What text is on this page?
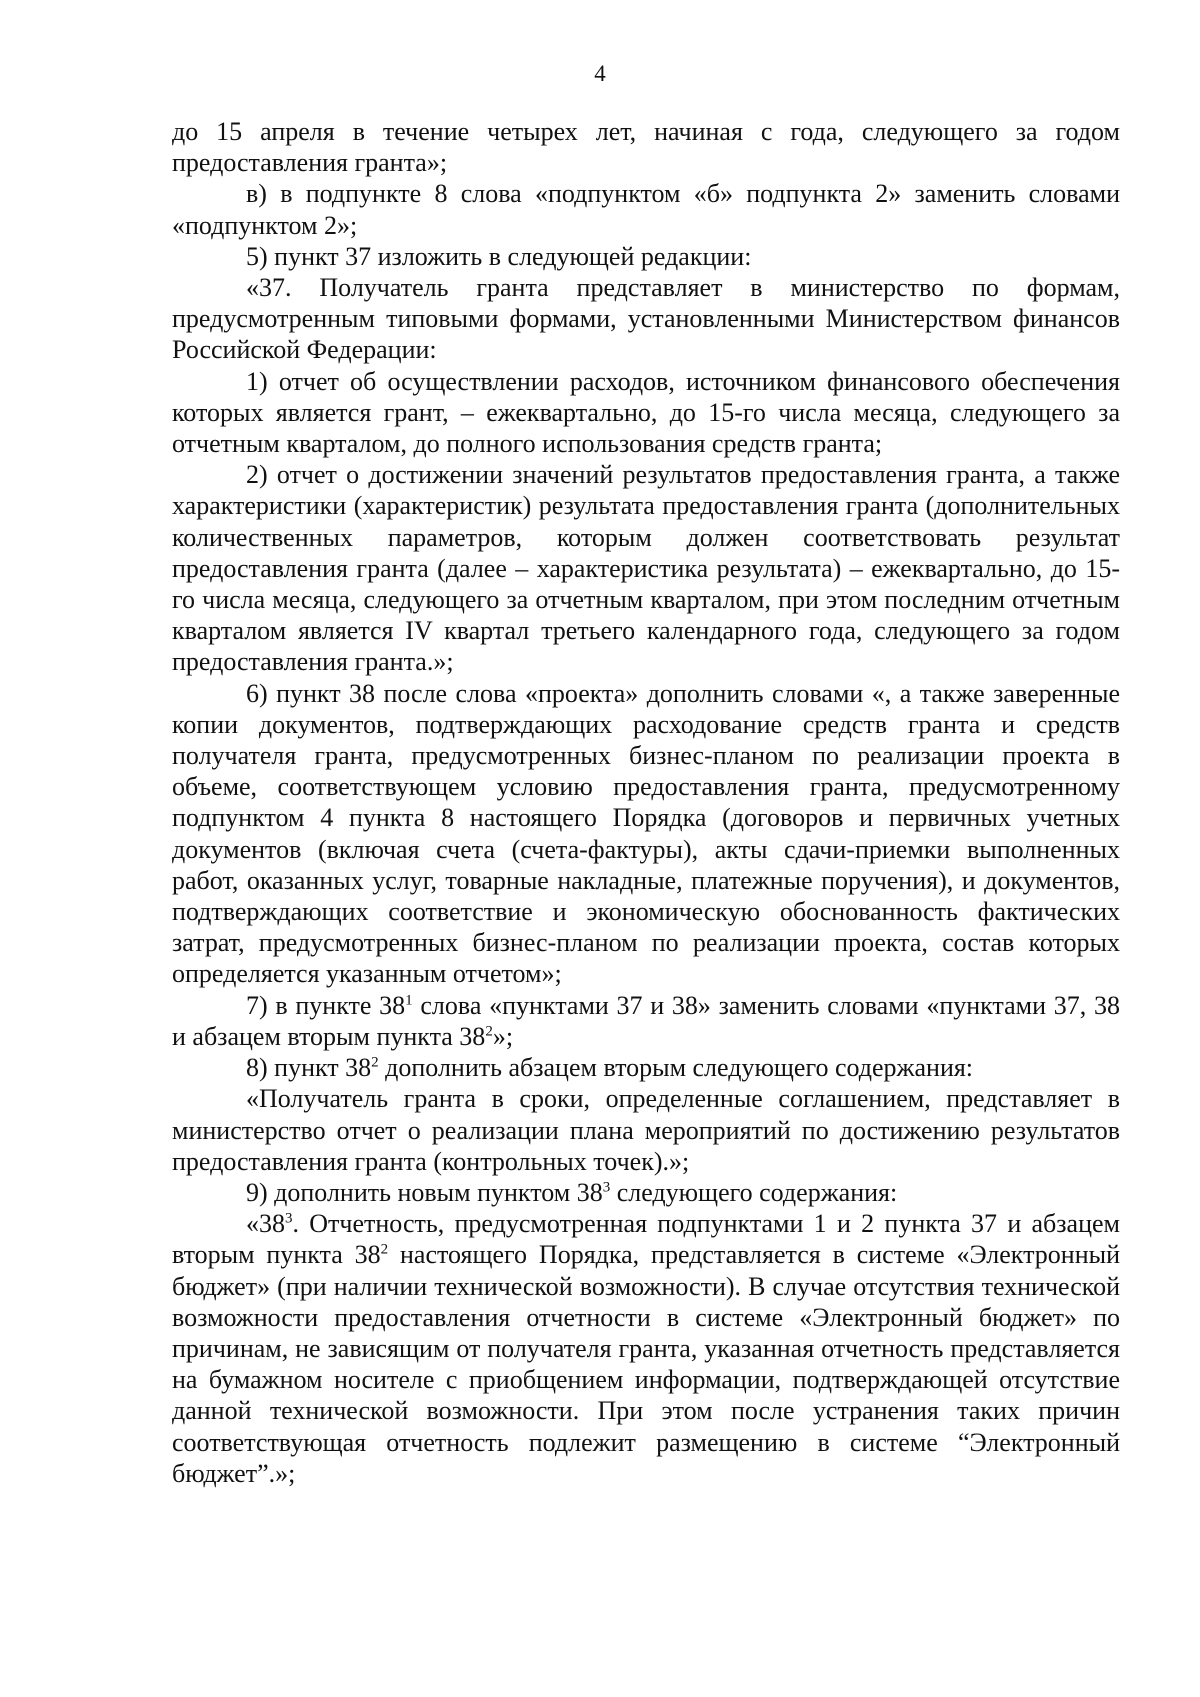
4

до 15 апреля в течение четырех лет, начиная с года, следующего за годом предоставления гранта»;

в) в подпункте 8 слова «подпунктом «б» подпункта 2» заменить словами «подпунктом 2»;

5) пункт 37 изложить в следующей редакции:

«37. Получатель гранта представляет в министерство по формам, предусмотренным типовыми формами, установленными Министерством финансов Российской Федерации:

1) отчет об осуществлении расходов, источником финансового обеспечения которых является грант, – ежеквартально, до 15-го числа месяца, следующего за отчетным кварталом, до полного использования средств гранта;

2) отчет о достижении значений результатов предоставления гранта, а также характеристики (характеристик) результата предоставления гранта (дополнительных количественных параметров, которым должен соответствовать результат предоставления гранта (далее – характеристика результата) – ежеквартально, до 15-го числа месяца, следующего за отчетным кварталом, при этом последним отчетным кварталом является IV квартал третьего календарного года, следующего за годом предоставления гранта.»;

6) пункт 38 после слова «проекта» дополнить словами «, а также заверенные копии документов, подтверждающих расходование средств гранта и средств получателя гранта, предусмотренных бизнес-планом по реализации проекта в объеме, соответствующем условию предоставления гранта, предусмотренному подпунктом 4 пункта 8 настоящего Порядка (договоров и первичных учетных документов (включая счета (счета-фактуры), акты сдачи-приемки выполненных работ, оказанных услуг, товарные накладные, платежные поручения), и документов, подтверждающих соответствие и экономическую обоснованность фактических затрат, предусмотренных бизнес-планом по реализации проекта, состав которых определяется указанным отчетом»;

7) в пункте $38^1$ слова «пунктами 37 и 38» заменить словами «пунктами 37, 38 и абзацем вторым пункта $38^2$»;

8) пункт $38^2$ дополнить абзацем вторым следующего содержания:

«Получатель гранта в сроки, определенные соглашением, представляет в министерство отчет о реализации плана мероприятий по достижению результатов предоставления гранта (контрольных точек).»;

9) дополнить новым пунктом $38^3$ следующего содержания:

«$38^3$. Отчетность, предусмотренная подпунктами 1 и 2 пункта 37 и абзацем вторым пункта $38^2$ настоящего Порядка, представляется в системе «Электронный бюджет» (при наличии технической возможности). В случае отсутствия технической возможности предоставления отчетности в системе «Электронный бюджет» по причинам, не зависящим от получателя гранта, указанная отчетность представляется на бумажном носителе с приобщением информации, подтверждающей отсутствие данной технической возможности. При этом после устранения таких причин соответствующая отчетность подлежит размещению в системе “Электронный бюджет”.»;
